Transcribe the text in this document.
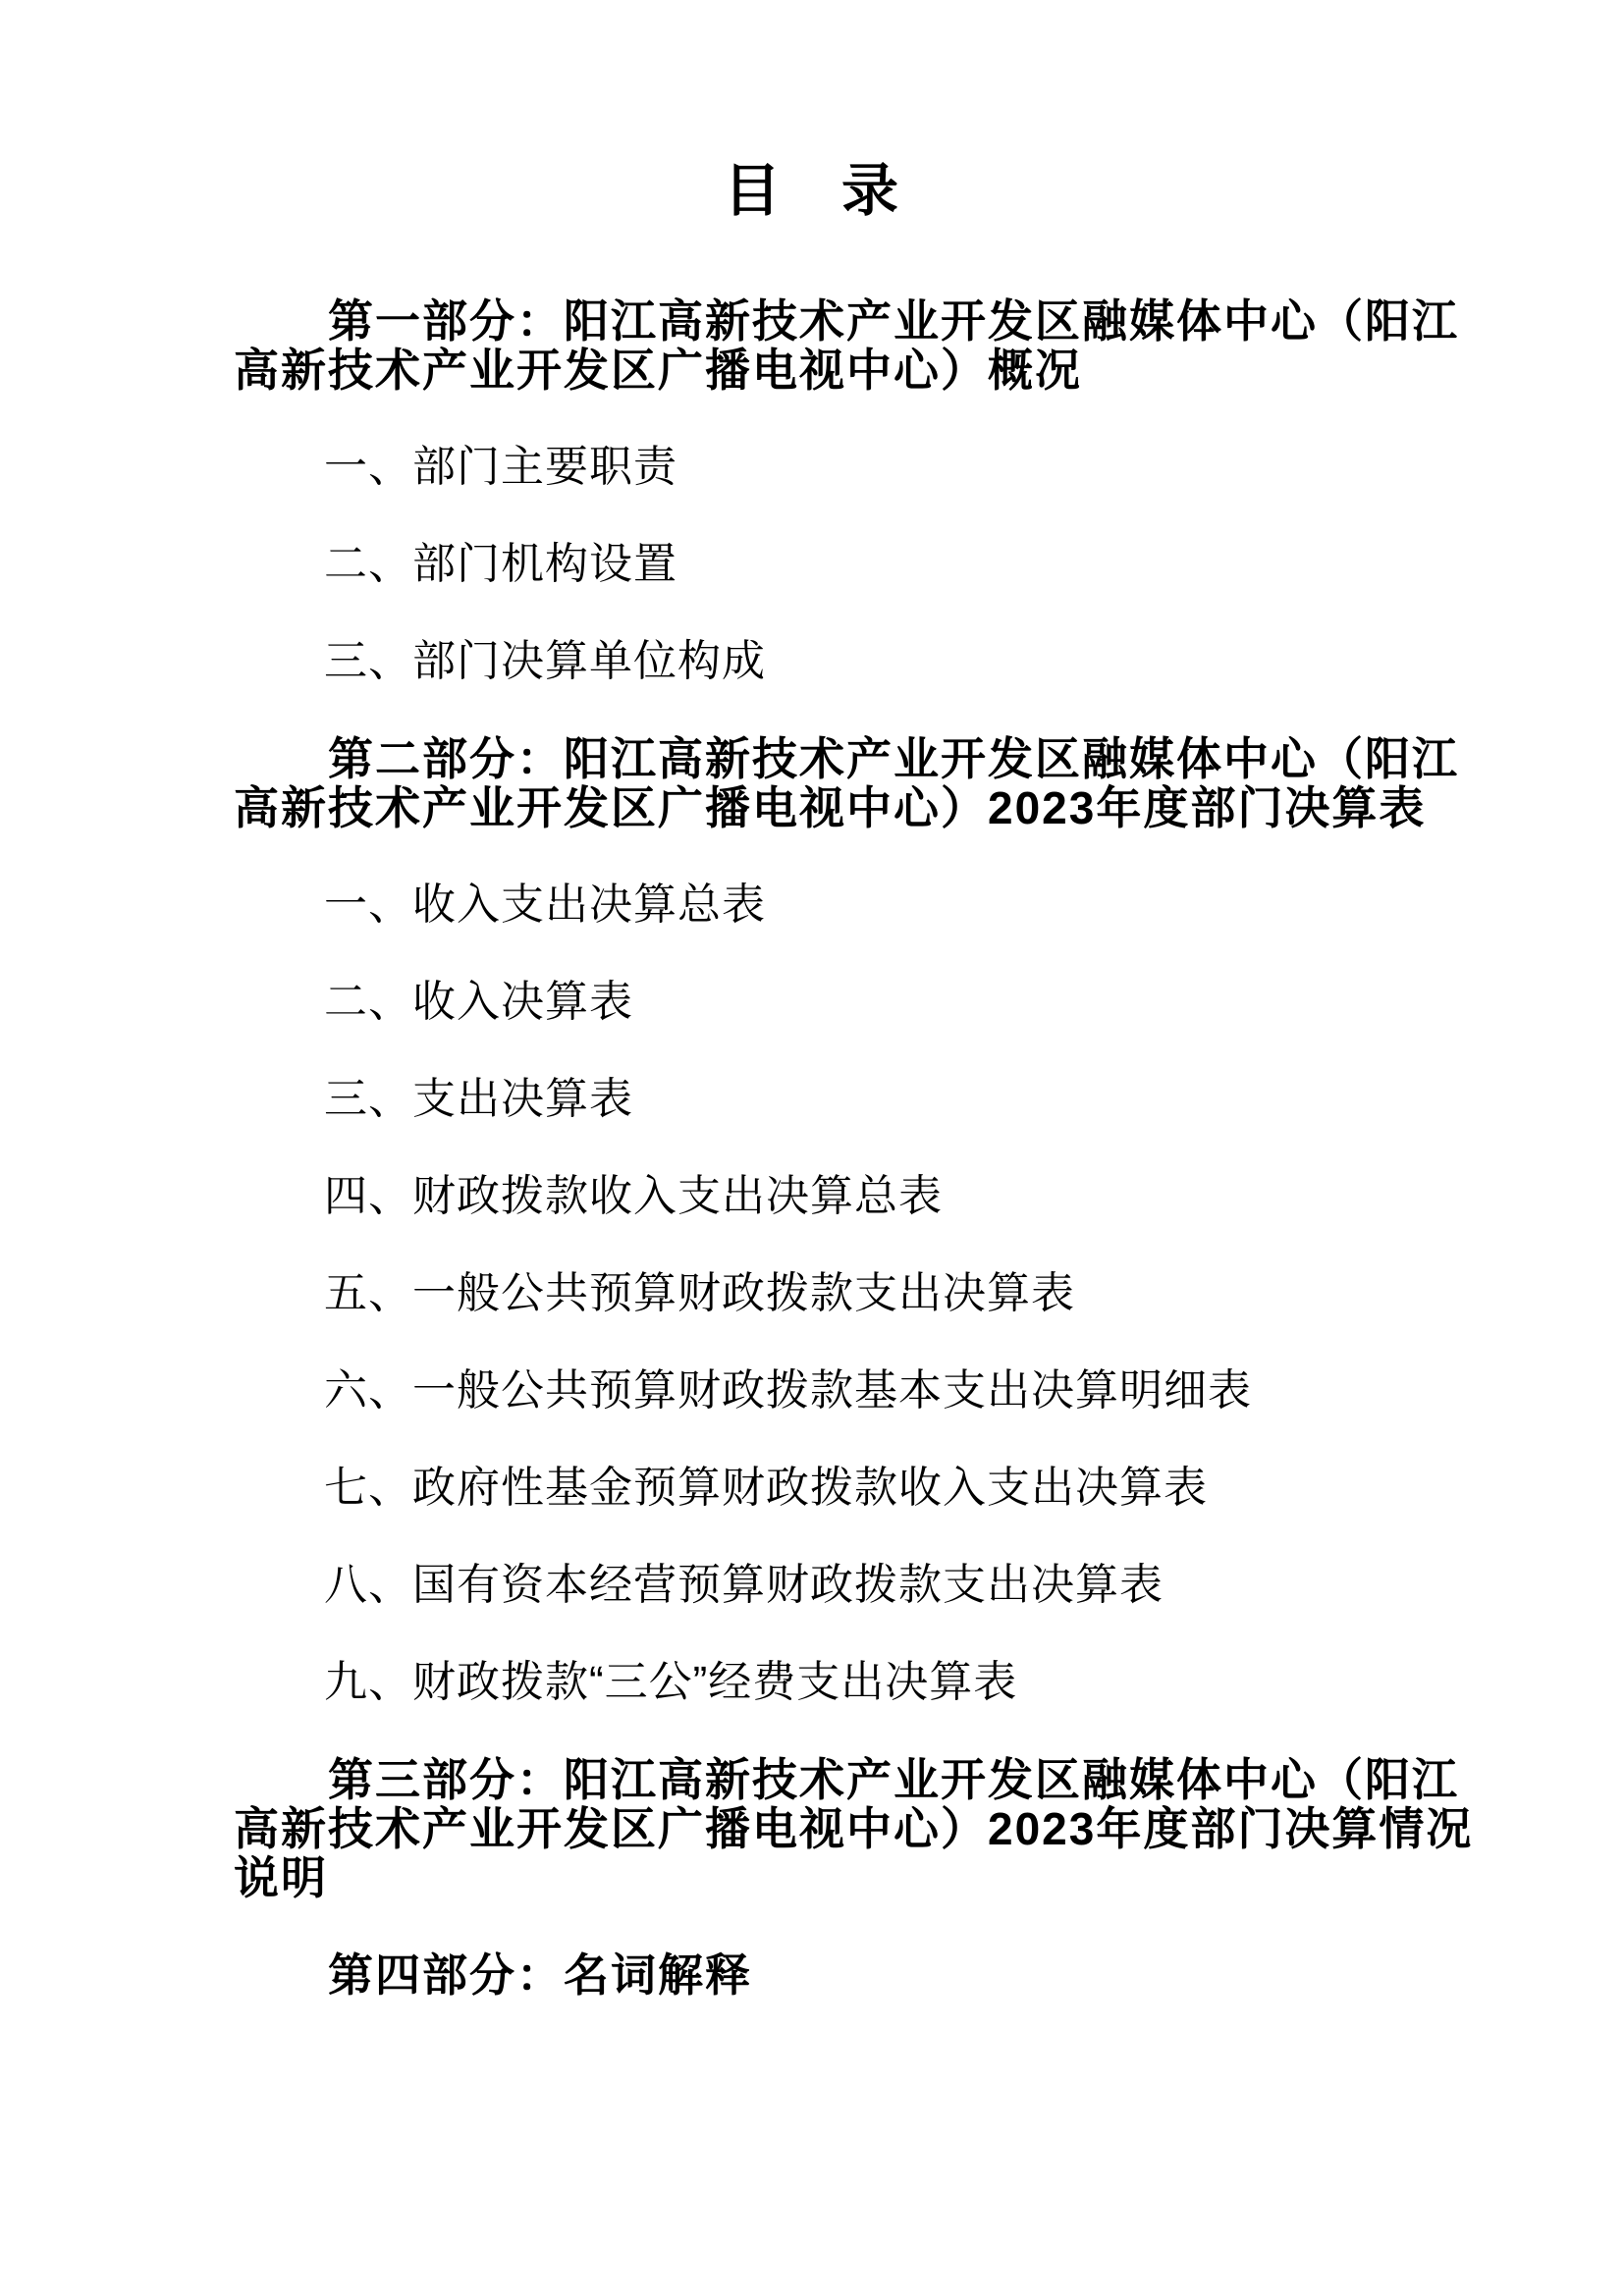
目　录
第一部分：阳江高新技术产业开发区融媒体中心（阳江
高新技术产业开发区广播电视中心）概况
一、部门主要职责
二、部门机构设置
三、部门决算单位构成
第二部分：阳江高新技术产业开发区融媒体中心（阳江
高新技术产业开发区广播电视中心）2023年度部门决算表
一、收入支出决算总表
二、收入决算表
三、支出决算表
四、财政拨款收入支出决算总表
五、一般公共预算财政拨款支出决算表
六、一般公共预算财政拨款基本支出决算明细表
七、政府性基金预算财政拨款收入支出决算表
八、国有资本经营预算财政拨款支出决算表
九、财政拨款“三公”经费支出决算表
第三部分：阳江高新技术产业开发区融媒体中心（阳江
高新技术产业开发区广播电视中心）2023年度部门决算情况
说明
第四部分：名词解释
